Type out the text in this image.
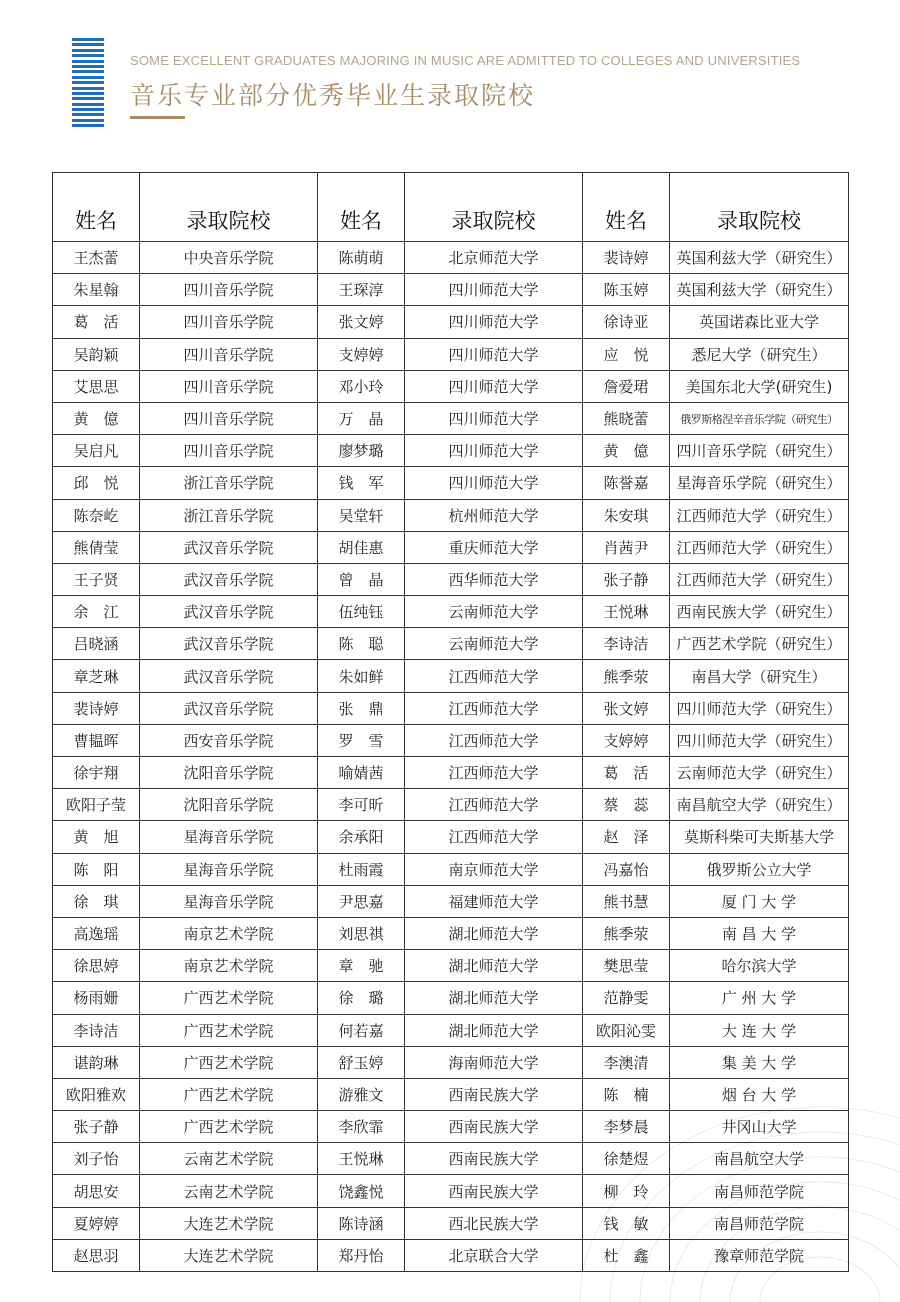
SOME EXCELLENT GRADUATES MAJORING IN MUSIC ARE ADMITTED TO COLLEGES AND UNIVERSITIES
音乐专业部分优秀毕业生录取院校
姓名	录取院校	姓名	录取院校	姓名	录取院校
王杰蕾	中央音乐学院	陈萌萌	北京师范大学	裴诗婷	英国利兹大学（研究生）
朱星翰	四川音乐学院	王琛淳	四川师范大学	陈玉婷	英国利兹大学（研究生）
葛　活	四川音乐学院	张文婷	四川师范大学	徐诗亚	英国诺森比亚大学
吴韵颖	四川音乐学院	支婷婷	四川师范大学	应　悦	悉尼大学（研究生）
艾思思	四川音乐学院	邓小玲	四川师范大学	詹爱珺	美国东北大学(研究生)
黄　億	四川音乐学院	万　晶	四川师范大学	熊晓蕾	俄罗斯格涅辛音乐学院（研究生）
吴启凡	四川音乐学院	廖梦璐	四川师范大学	黄　億	四川音乐学院（研究生）
邱　悦	浙江音乐学院	钱　军	四川师范大学	陈誉嘉	星海音乐学院（研究生）
陈奈屹	浙江音乐学院	吴堂轩	杭州师范大学	朱安琪	江西师范大学（研究生）
熊倩莹	武汉音乐学院	胡佳惠	重庆师范大学	肖茜尹	江西师范大学（研究生）
王子贤	武汉音乐学院	曾　晶	西华师范大学	张子静	江西师范大学（研究生）
余　江	武汉音乐学院	伍纯钰	云南师范大学	王悦琳	西南民族大学（研究生）
吕晓涵	武汉音乐学院	陈　聪	云南师范大学	李诗洁	广西艺术学院（研究生）
章芝琳	武汉音乐学院	朱如鲜	江西师范大学	熊季荥	南昌大学（研究生）
裴诗婷	武汉音乐学院	张　鼎	江西师范大学	张文婷	四川师范大学（研究生）
曹韫晖	西安音乐学院	罗　雪	江西师范大学	支婷婷	四川师范大学（研究生）
徐宇翔	沈阳音乐学院	喻婧茜	江西师范大学	葛　活	云南师范大学（研究生）
欧阳子莹	沈阳音乐学院	李可昕	江西师范大学	蔡　蕊	南昌航空大学（研究生）
黄　旭	星海音乐学院	余承阳	江西师范大学	赵　泽	莫斯科柴可夫斯基大学
陈　阳	星海音乐学院	杜雨霞	南京师范大学	冯嘉怡	俄罗斯公立大学
徐　琪	星海音乐学院	尹思嘉	福建师范大学	熊书慧	厦 门 大 学
高逸瑶	南京艺术学院	刘思祺	湖北师范大学	熊季荥	南 昌 大 学
徐思婷	南京艺术学院	章　驰	湖北师范大学	樊思莹	哈尔滨大学
杨雨姗	广西艺术学院	徐　璐	湖北师范大学	范静雯	广 州 大 学
李诗洁	广西艺术学院	何若嘉	湖北师范大学	欧阳沁雯	大 连 大 学
谌韵琳	广西艺术学院	舒玉婷	海南师范大学	李澳清	集 美 大 学
欧阳雅欢	广西艺术学院	游雅文	西南民族大学	陈　楠	烟 台 大 学
张子静	广西艺术学院	李欣霏	西南民族大学	李梦晨	井冈山大学
刘子怡	云南艺术学院	王悦琳	西南民族大学	徐楚煜	南昌航空大学
胡思安	云南艺术学院	饶鑫悦	西南民族大学	柳　玲	南昌师范学院
夏婷婷	大连艺术学院	陈诗涵	西北民族大学	钱　敏	南昌师范学院
赵思羽	大连艺术学院	郑丹怡	北京联合大学	杜　鑫	豫章师范学院
